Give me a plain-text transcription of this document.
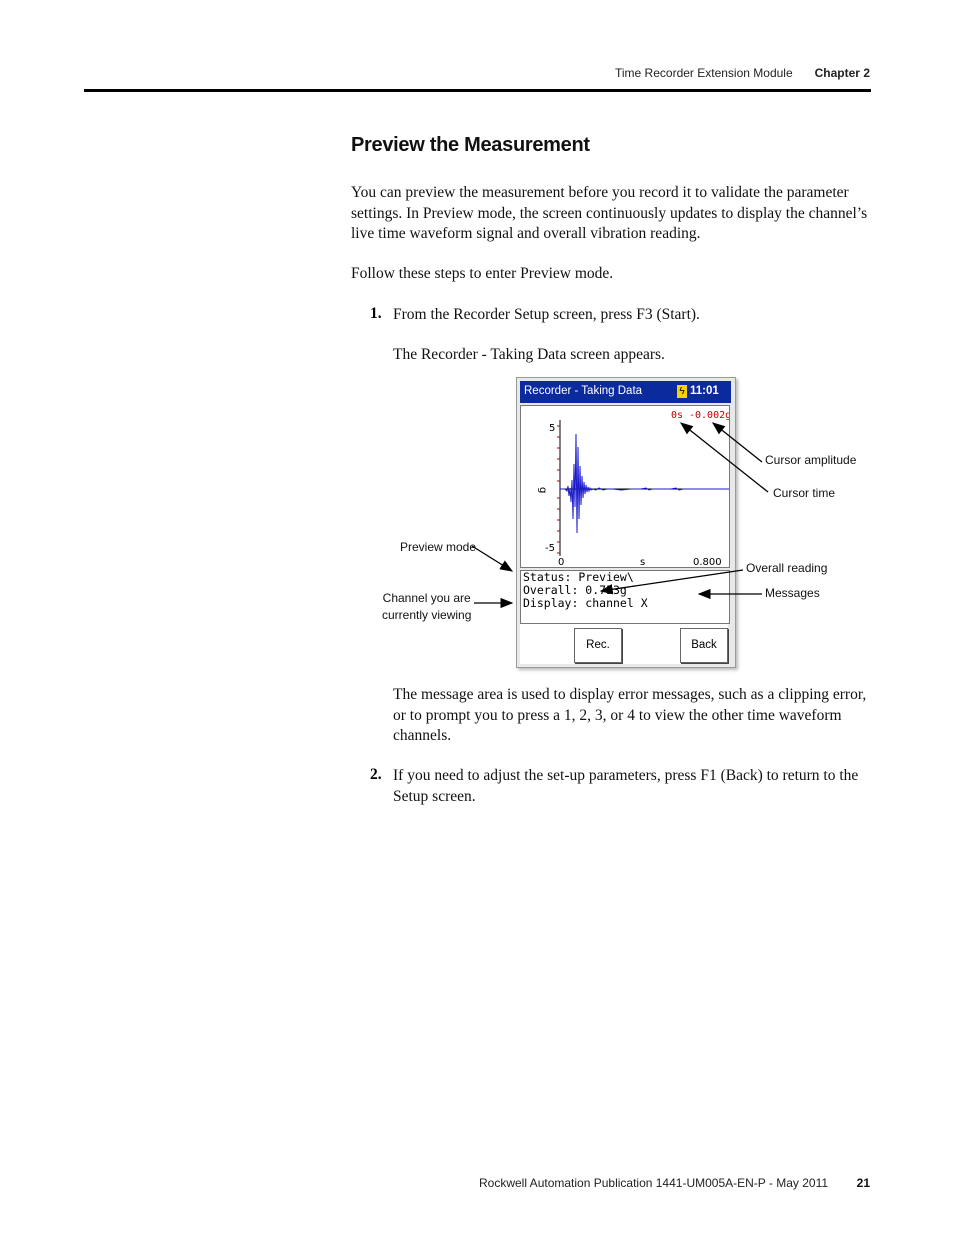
Time Recorder Extension Module Chapter 2
Preview the Measurement
You can preview the measurement before you record it to validate the parameter settings. In Preview mode, the screen continuously updates to display the channel’s live time waveform signal and overall vibration reading.
Follow these steps to enter Preview mode.
1. From the Recorder Setup screen, press F3 (Start).
The Recorder - Taking Data screen appears.
Recorder - Taking Data	ϟ 11:01
0s -0.002g
5
g
-5
0	s	0.800
Status: Preview\
Overall: 0.753g
Display: channel X
Rec.	Back
Cursor amplitude
Cursor time
Preview mode
Overall reading
Messages
Channel you are
currently viewing
The message area is used to display error messages, such as a clipping error, or to prompt you to press a 1, 2, 3, or 4 to view the other time waveform channels.
2. If you need to adjust the set-up parameters, press F1 (Back) to return to the Setup screen.
Rockwell Automation Publication 1441-UM005A-EN-P - May 2011 21
